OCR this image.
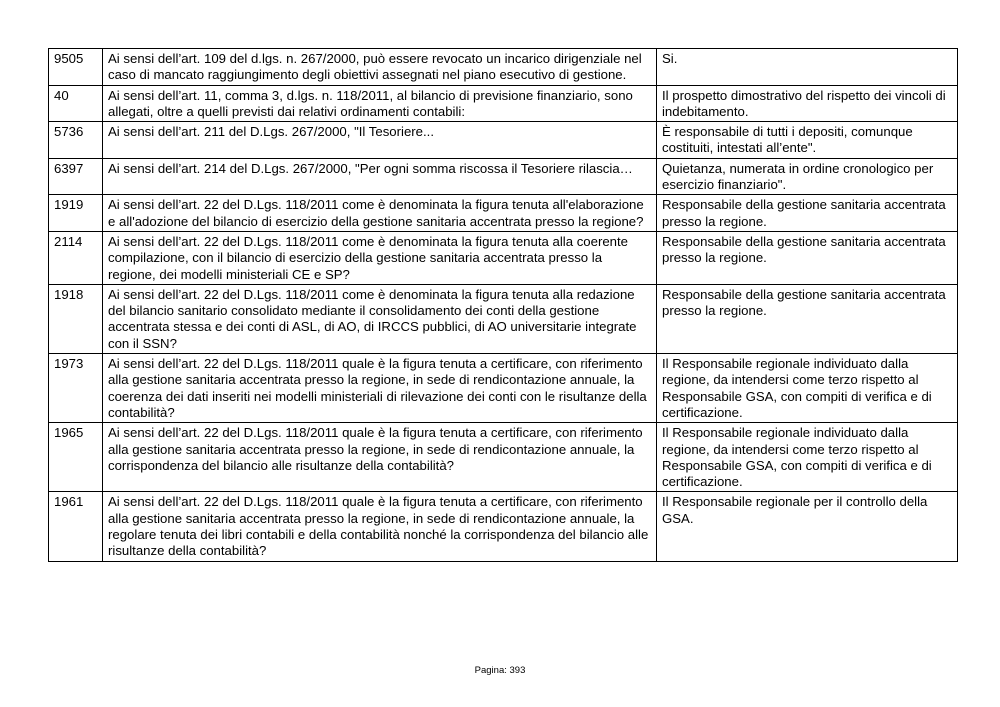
9505	Ai sensi dell’art. 109 del d.lgs. n. 267/2000, può essere revocato un incarico dirigenziale nel caso di mancato raggiungimento degli obiettivi assegnati nel piano esecutivo di gestione.	Si.
40	Ai sensi dell’art. 11, comma 3, d.lgs. n. 118/2011, al bilancio di previsione finanziario, sono allegati, oltre a quelli previsti dai relativi ordinamenti contabili:	Il prospetto dimostrativo del rispetto dei vincoli di indebitamento.
5736	Ai sensi dell’art. 211 del D.Lgs. 267/2000, "Il Tesoriere...	È responsabile di tutti i depositi, comunque costituiti, intestati all’ente".
6397	Ai sensi dell’art. 214 del D.Lgs. 267/2000, "Per ogni somma riscossa il Tesoriere rilascia…	Quietanza, numerata in ordine cronologico per esercizio finanziario".
1919	Ai sensi dell’art. 22 del D.Lgs. 118/2011 come è denominata la figura tenuta all'elaborazione e all'adozione del bilancio di esercizio della gestione sanitaria accentrata presso la regione?	Responsabile della gestione sanitaria accentrata presso la regione.
2114	Ai sensi dell’art. 22 del D.Lgs. 118/2011 come è denominata la figura tenuta alla coerente compilazione, con il bilancio di esercizio della gestione sanitaria accentrata presso la regione, dei modelli ministeriali CE e SP?	Responsabile della gestione sanitaria accentrata presso la regione.
1918	Ai sensi dell’art. 22 del D.Lgs. 118/2011 come è denominata la figura tenuta alla redazione del bilancio sanitario consolidato mediante il consolidamento dei conti della gestione accentrata stessa e dei conti di ASL, di AO, di IRCCS pubblici, di AO universitarie integrate con il SSN?	Responsabile della gestione sanitaria accentrata presso la regione.
1973	Ai sensi dell’art. 22 del D.Lgs. 118/2011 quale è la figura tenuta a certificare, con riferimento alla gestione sanitaria accentrata presso la regione, in sede di rendicontazione annuale, la coerenza dei dati inseriti nei modelli ministeriali di rilevazione dei conti con le risultanze della contabilità?	Il Responsabile regionale individuato dalla regione, da intendersi come terzo rispetto al Responsabile GSA, con compiti di verifica e di certificazione.
1965	Ai sensi dell’art. 22 del D.Lgs. 118/2011 quale è la figura tenuta a certificare, con riferimento alla gestione sanitaria accentrata presso la regione, in sede di rendicontazione annuale, la corrispondenza del bilancio alle risultanze della contabilità?	Il Responsabile regionale individuato dalla regione, da intendersi come terzo rispetto al Responsabile GSA, con compiti di verifica e di certificazione.
1961	Ai sensi dell’art. 22 del D.Lgs. 118/2011 quale è la figura tenuta a certificare, con riferimento alla gestione sanitaria accentrata presso la regione, in sede di rendicontazione annuale, la regolare tenuta dei libri contabili e della contabilità nonché la corrispondenza del bilancio alle risultanze della contabilità?	Il Responsabile regionale per il controllo della GSA.
Pagina: 393
